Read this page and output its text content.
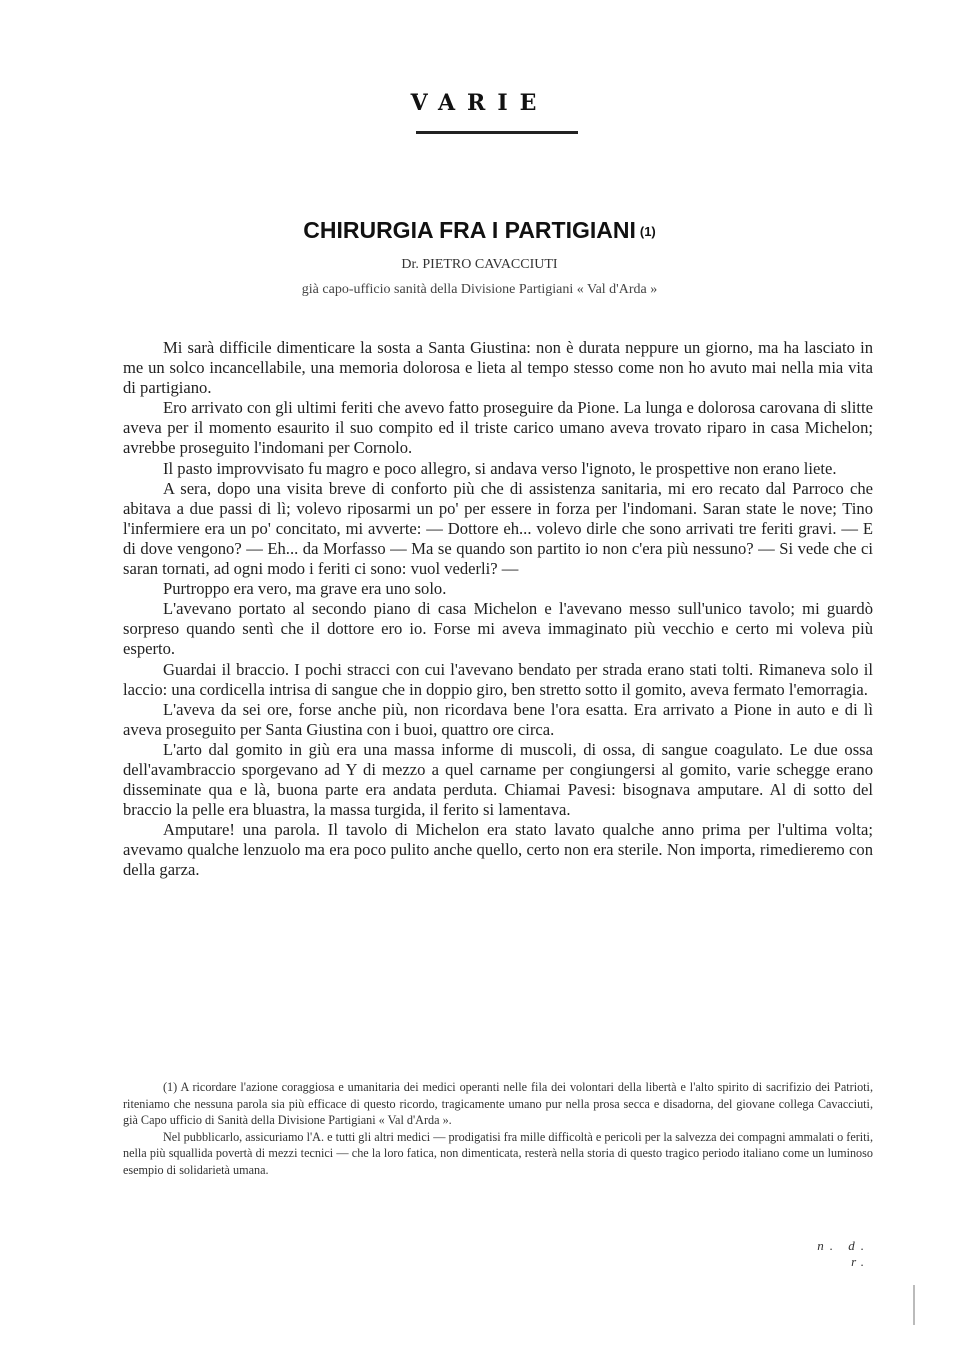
VARIE
CHIRURGIA FRA I PARTIGIANI $^{(1)}$
Dr. PIETRO CAVACCIUTI
già capo-ufficio sanità della Divisione Partigiani « Val d'Arda »

Mi sarà difficile dimenticare la sosta a Santa Giustina: non è durata neppure un giorno, ma ha lasciato in me un solco incancellabile, una memoria dolorosa e lieta al tempo stesso come non ho avuto mai nella mia vita di partigiano.

Ero arrivato con gli ultimi feriti che avevo fatto proseguire da Pione. La lunga e dolorosa carovana di slitte aveva per il momento esaurito il suo compito ed il triste carico umano aveva trovato riparo in casa Michelon; avrebbe proseguito l'indomani per Cornolo.

Il pasto improvvisato fu magro e poco allegro, si andava verso l'ignoto, le prospettive non erano liete.

A sera, dopo una visita breve di conforto più che di assistenza sanitaria, mi ero recato dal Parroco che abitava a due passi di lì; volevo riposarmi un po' per essere in forza per l'indomani. Saran state le nove; Tino l'infermiere era un po' concitato, mi avverte: — Dottore eh... volevo dirle che sono arrivati tre feriti gravi. — E di dove vengono? — Eh... da Morfasso — Ma se quando son partito io non c'era più nessuno? — Si vede che ci saran tornati, ad ogni modo i feriti ci sono: vuol vederli? —

Purtroppo era vero, ma grave era uno solo.

L'avevano portato al secondo piano di casa Michelon e l'avevano messo sull'unico tavolo; mi guardò sorpreso quando sentì che il dottore ero io. Forse mi aveva immaginato più vecchio e certo mi voleva più esperto.

Guardai il braccio. I pochi stracci con cui l'avevano bendato per strada erano stati tolti. Rimaneva solo il laccio: una cordicella intrisa di sangue che in doppio giro, ben stretto sotto il gomito, aveva fermato l'emorragia.

L'aveva da sei ore, forse anche più, non ricordava bene l'ora esatta. Era arrivato a Pione in auto e di lì aveva proseguito per Santa Giustina con i buoi, quattro ore circa.

L'arto dal gomito in giù era una massa informe di muscoli, di ossa, di sangue coagulato. Le due ossa dell'avambraccio sporgevano ad Y di mezzo a quel carname per congiungersi al gomito, varie schegge erano disseminate qua e là, buona parte era andata perduta. Chiamai Pavesi: bisognava amputare. Al di sotto del braccio la pelle era bluastra, la massa turgida, il ferito si lamentava.

Amputare! una parola. Il tavolo di Michelon era stato lavato qualche anno prima per l'ultima volta; avevamo qualche lenzuolo ma era poco pulito anche quello, certo non era sterile. Non importa, rimedieremo con della garza.

(1) A ricordare l'azione coraggiosa e umanitaria dei medici operanti nelle fila dei volontari della libertà e l'alto spirito di sacrifizio dei Patrioti, riteniamo che nessuna parola sia più efficace di questo ricordo, tragicamente umano pur nella prosa secca e disadorna, del giovane collega Cavacciuti, già Capo ufficio di Sanità della Divisione Partigiani « Val d'Arda ».

Nel pubblicarlo, assicuriamo l'A. e tutti gli altri medici — prodigatisi fra mille difficoltà e pericoli per la salvezza dei compagni ammalati o feriti, nella più squallida povertà di mezzi tecnici — che la loro fatica, non dimenticata, resterà nella storia di questo tragico periodo italiano come un luminoso esempio di solidarietà umana.

n. d. r.
